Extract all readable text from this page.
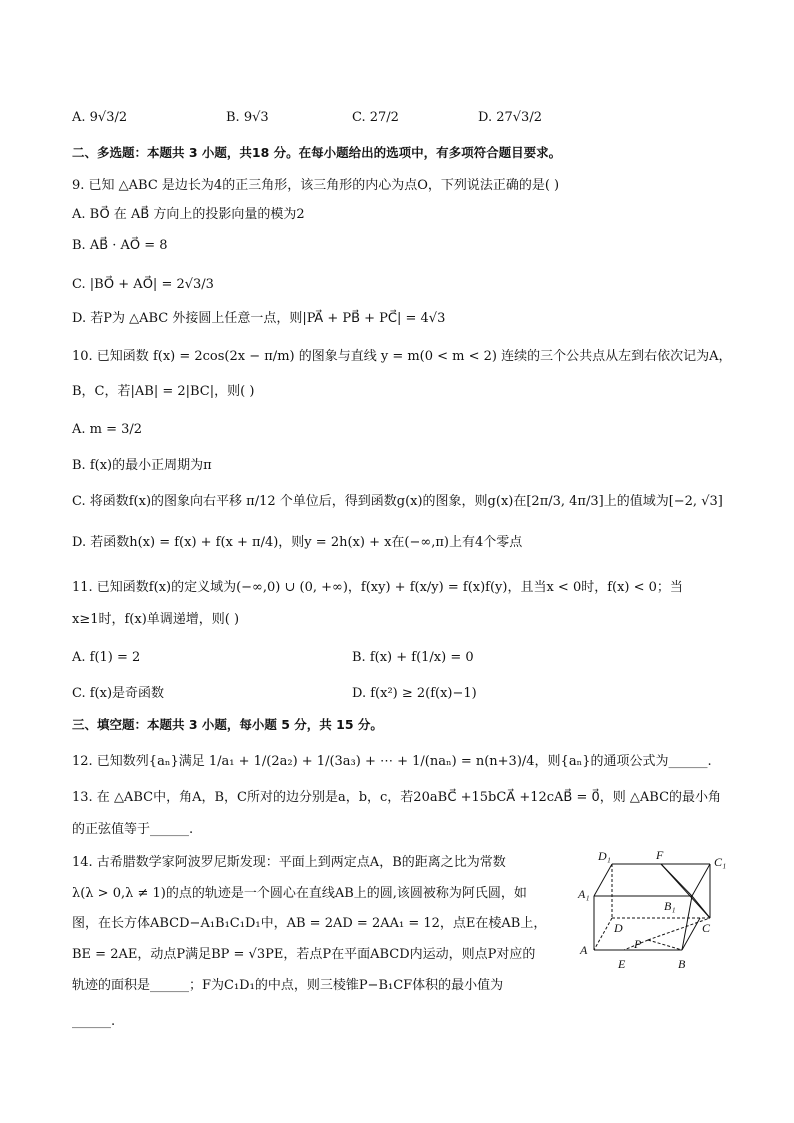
A. 9√3/2	B. 9√3	C. 27/2	D. 27√3/2
二、多选题：本题共 3 小题，共18 分。在每小题给出的选项中，有多项符合题目要求。
9. 已知 △ABC 是边长为4的正三角形，该三角形的内心为点O，下列说法正确的是( )
A. BO⃗ 在 AB⃗ 方向上的投影向量的模为2
B. AB⃗ · AO⃗ = 8
C. |BO⃗ + AO⃗| = 2√3/3
D. 若P为 △ABC 外接圆上任意一点，则|PA⃗ + PB⃗ + PC⃗| = 4√3
10. 已知函数 f(x) = 2cos(2x − π/m) 的图象与直线 y = m(0 < m < 2) 连续的三个公共点从左到右依次记为A，
B，C，若|AB| = 2|BC|，则( )
A. m = 3/2
B. f(x)的最小正周期为π
C. 将函数f(x)的图象向右平移 π/12 个单位后，得到函数g(x)的图象，则g(x)在[2π/3, 4π/3]上的值域为[−2, √3]
D. 若函数h(x) = f(x) + f(x + π/4)，则y = 2h(x) + x在(−∞,π)上有4个零点
11. 已知函数f(x)的定义域为(−∞,0) ∪ (0, +∞)，f(xy) + f(x/y) = f(x)f(y)，且当x < 0时，f(x) < 0；当
x≥1时，f(x)单调递增，则( )
A. f(1) = 2	B. f(x) + f(1/x) = 0
C. f(x)是奇函数	D. f(x²) ≥ 2(f(x)−1)
三、填空题：本题共 3 小题，每小题 5 分，共 15 分。
12. 已知数列{aₙ}满足 1/a₁ + 1/(2a₂) + 1/(3a₃) + ⋯ + 1/(naₙ) = n(n+3)/4，则{aₙ}的通项公式为______.
13. 在 △ABC中，角A，B，C所对的边分别是a，b，c，若20aBC⃗ +15bCA⃗ +12cAB⃗ = 0⃗，则 △ABC的最小角
的正弦值等于______.
14. 古希腊数学家阿波罗尼斯发现：平面上到两定点A，B的距离之比为常数
λ(λ > 0,λ ≠ 1)的点的轨迹是一个圆心在直线AB上的圆,该圆被称为阿氏圆，如
图，在长方体ABCD−A₁B₁C₁D₁中，AB = 2AD = 2AA₁ = 12，点E在棱AB上，
BE = 2AE，动点P满足BP = √3PE，若点P在平面ABCD内运动，则点P对应的
轨迹的面积是______；F为C₁D₁的中点，则三棱锥P−B₁CF体积的最小值为
______.
D₁	F	C₁
A₁
B₁
D	C
A	P
E	B
